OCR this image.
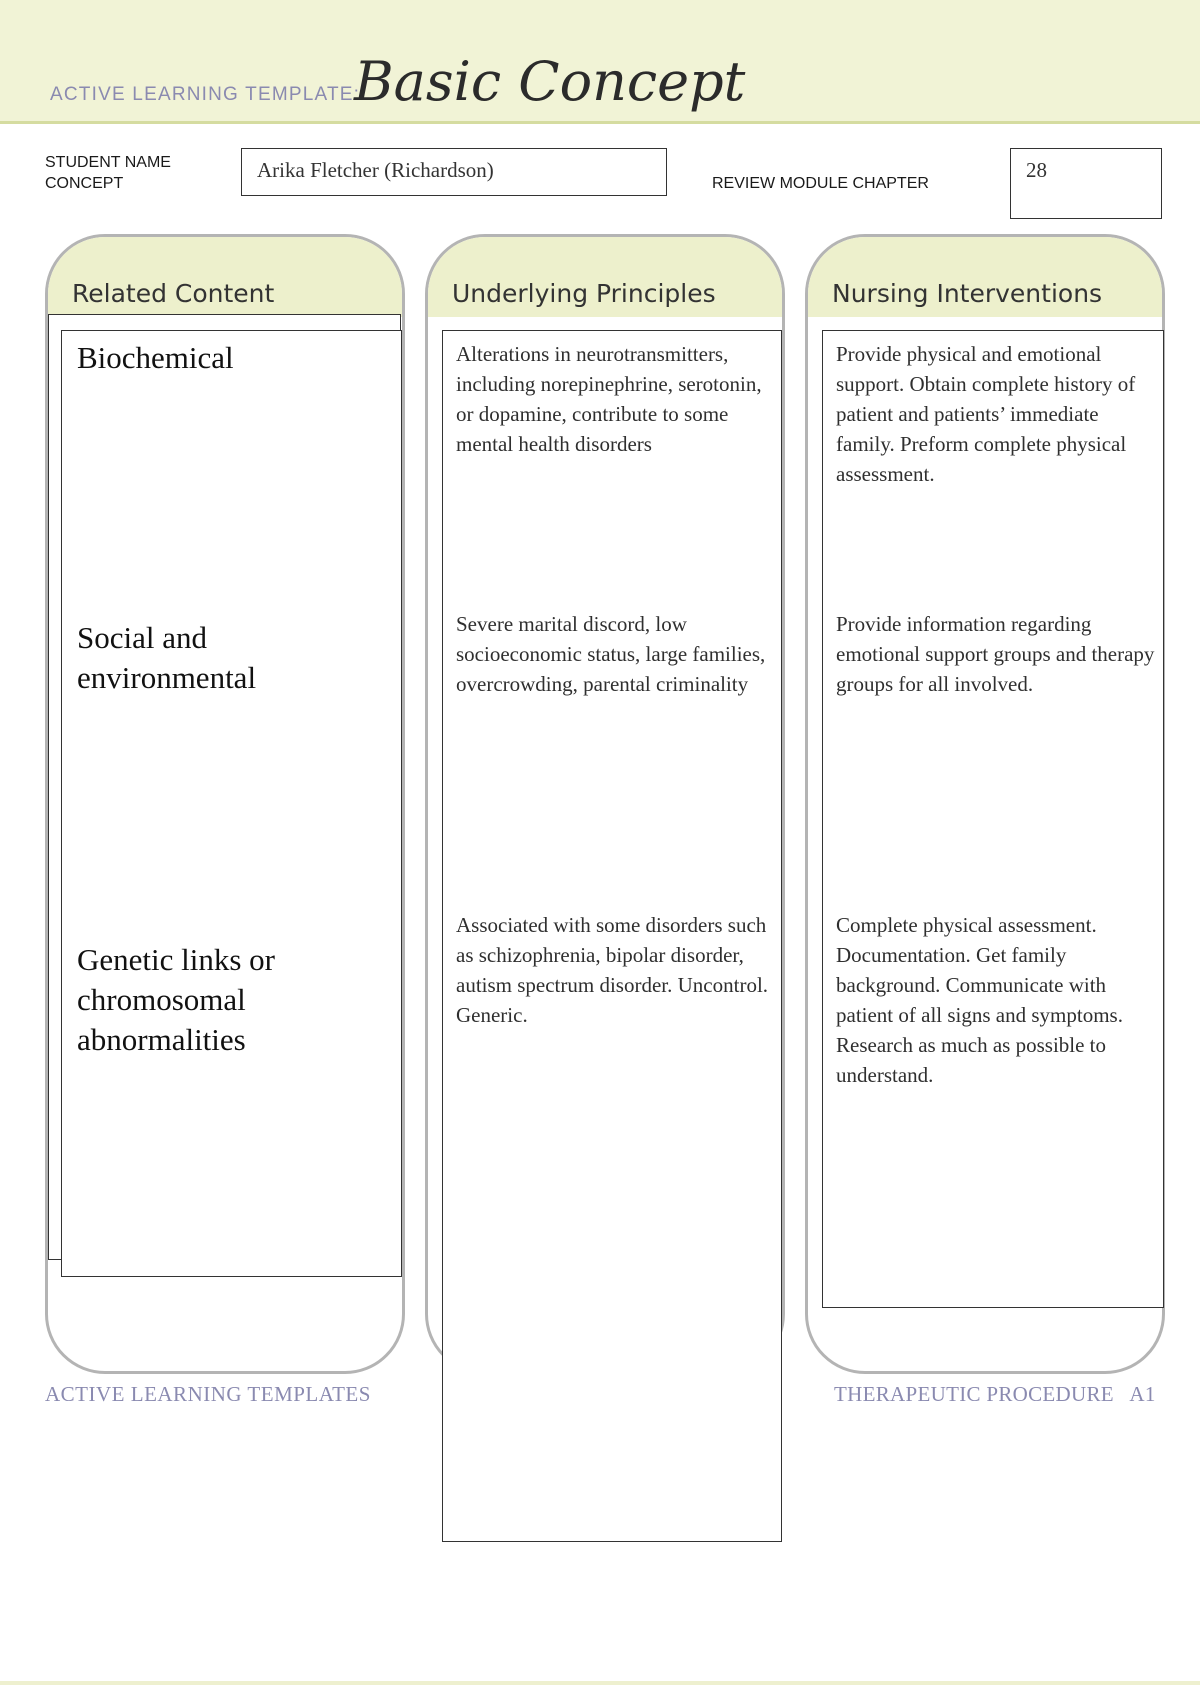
ACTIVE LEARNING TEMPLATE:
Basic Concept
STUDENT NAME
CONCEPT
Arika Fletcher (Richardson)
REVIEW MODULE CHAPTER
28
Related Content
Biochemical
Social and environmental
Genetic links or chromosomal abnormalities
Underlying Principles
Alterations in neurotransmitters, including norepinephrine, serotonin, or dopamine, contribute to some mental health disorders
Severe marital discord, low socioeconomic status, large families, overcrowding, parental criminality
Associated with some disorders such as schizophrenia, bipolar disorder, autism spectrum disorder. Uncontrol. Generic.
Nursing Interventions
Provide physical and emotional support. Obtain complete history of patient and patients’ immediate family. Preform complete physical assessment.
Provide information regarding emotional support groups and therapy groups for all involved.
Complete physical assessment. Documentation. Get family background. Communicate with patient of all signs and symptoms. Research as much as possible to understand.
ACTIVE LEARNING TEMPLATES	THERAPEUTIC PROCEDURE   A1
